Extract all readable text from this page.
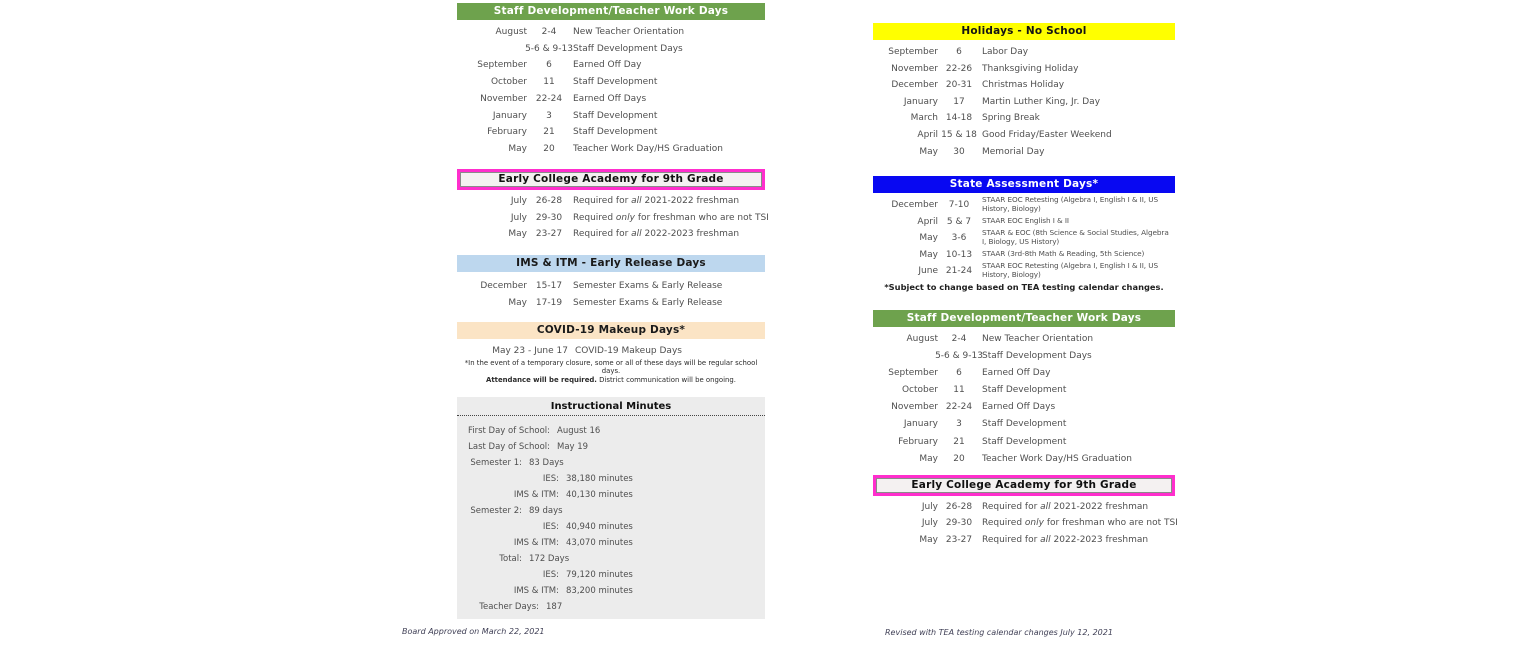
Staff Development/Teacher Work Days
August 2-4 New Teacher Orientation
5-6 & 9-13 Staff Development Days
September 6 Earned Off Day
October 11 Staff Development
November 22-24 Earned Off Days
January 3 Staff Development
February 21 Staff Development
May 20 Teacher Work Day/HS Graduation
Early College Academy for 9th Grade
July 26-28 Required for all 2021-2022 freshman
July 29-30 Required only for freshman who are not TSI
May 23-27 Required for all 2022-2023 freshman
IMS & ITM - Early Release Days
December 15-17 Semester Exams & Early Release
May 17-19 Semester Exams & Early Release
COVID-19 Makeup Days*
May 23 - June 17 COVID-19 Makeup Days
*In the event of a temporary closure, some or all of these days will be regular school days.
Attendance will be required. District communication will be ongoing.
Instructional Minutes
First Day of School: August 16
Last Day of School: May 19
Semester 1: 83 Days
IES: 38,180 minutes
IMS & ITM: 40,130 minutes
Semester 2: 89 days
IES: 40,940 minutes
IMS & ITM: 43,070 minutes
Total: 172 Days
IES: 79,120 minutes
IMS & ITM: 83,200 minutes
Teacher Days: 187
Holidays - No School
September 6 Labor Day
November 22-26 Thanksgiving Holiday
December 20-31 Christmas Holiday
January 17 Martin Luther King, Jr. Day
March 14-18 Spring Break
April 15 & 18 Good Friday/Easter Weekend
May 30 Memorial Day
State Assessment Days*
December 7-10
STAAR EOC Retesting (Algebra I, English I & II, US History, Biology)
April 5 & 7 STAAR EOC English I & II
May 3-6
STAAR & EOC (8th Science & Social Studies, Algebra I, Biology, US History)
May 10-13 STAAR (3rd-8th Math & Reading, 5th Science)
June 21-24
STAAR EOC Retesting (Algebra I, English I & II, US History, Biology)
*Subject to change based on TEA testing calendar changes.
Staff Development/Teacher Work Days
August 2-4 New Teacher Orientation
5-6 & 9-13 Staff Development Days
September 6 Earned Off Day
October 11 Staff Development
November 22-24 Earned Off Days
January 3 Staff Development
February 21 Staff Development
May 20 Teacher Work Day/HS Graduation
Early College Academy for 9th Grade
July 26-28 Required for all 2021-2022 freshman
July 29-30 Required only for freshman who are not TSI
May 23-27 Required for all 2022-2023 freshman
Board Approved on March 22, 2021	Revised with TEA testing calendar changes July 12, 2021
